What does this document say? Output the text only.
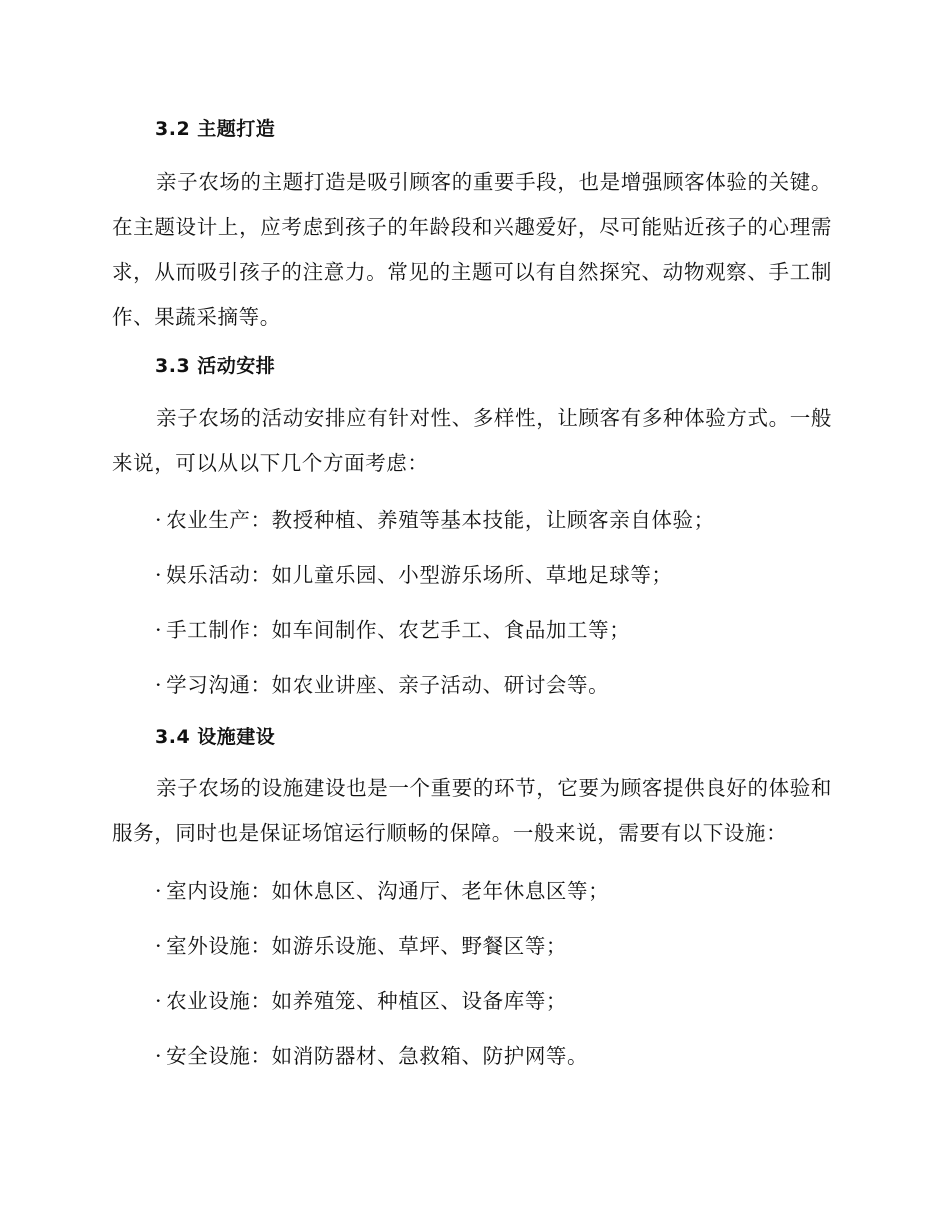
3.2 主题打造
亲子农场的主题打造是吸引顾客的重要手段，也是增强顾客体验的关键。在主题设计上，应考虑到孩子的年龄段和兴趣爱好，尽可能贴近孩子的心理需求，从而吸引孩子的注意力。常见的主题可以有自然探究、动物观察、手工制作、果蔬采摘等。
3.3 活动安排
亲子农场的活动安排应有针对性、多样性，让顾客有多种体验方式。一般来说，可以从以下几个方面考虑：
· 农业生产：教授种植、养殖等基本技能，让顾客亲自体验；
· 娱乐活动：如儿童乐园、小型游乐场所、草地足球等；
· 手工制作：如车间制作、农艺手工、食品加工等；
· 学习沟通：如农业讲座、亲子活动、研讨会等。
3.4 设施建设
亲子农场的设施建设也是一个重要的环节，它要为顾客提供良好的体验和服务，同时也是保证场馆运行顺畅的保障。一般来说，需要有以下设施：
· 室内设施：如休息区、沟通厅、老年休息区等；
· 室外设施：如游乐设施、草坪、野餐区等；
· 农业设施：如养殖笼、种植区、设备库等；
· 安全设施：如消防器材、急救箱、防护网等。
